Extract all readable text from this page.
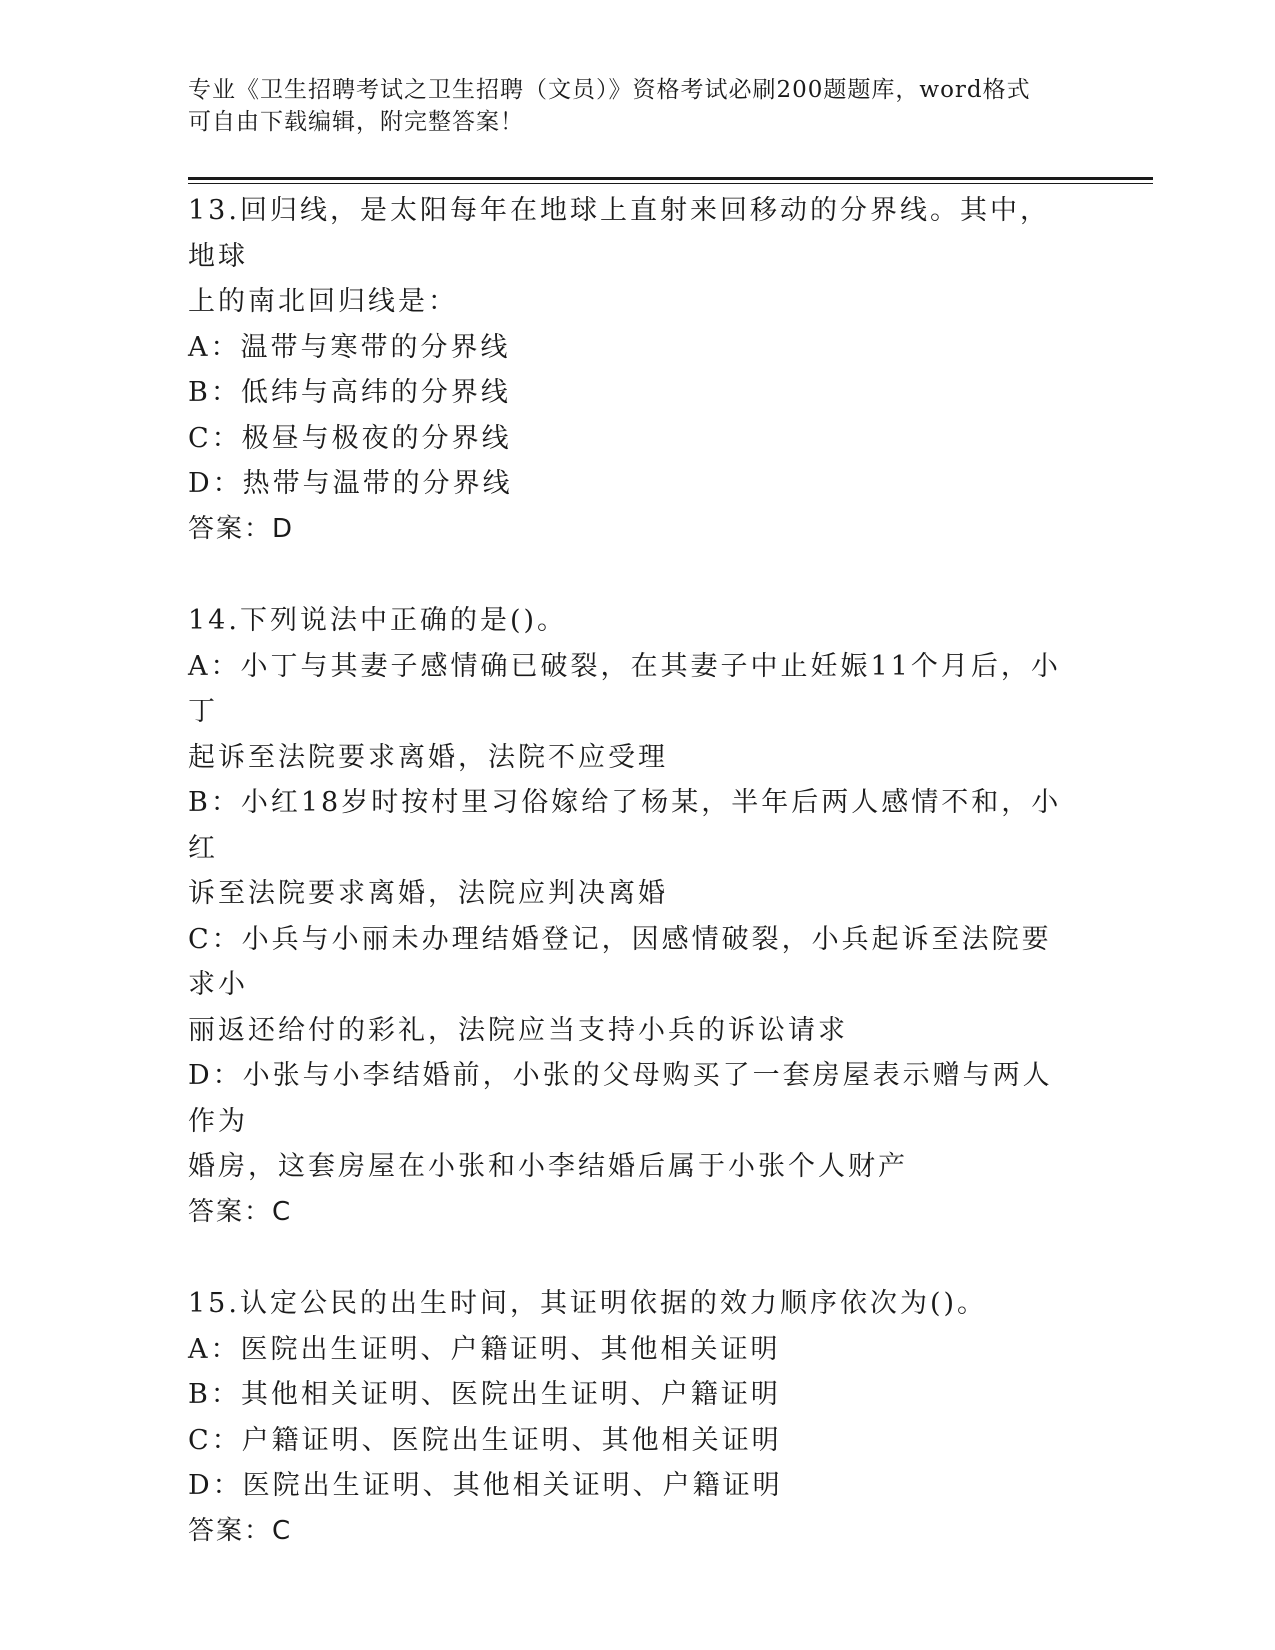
专业《卫生招聘考试之卫生招聘（文员）》资格考试必刷200题题库，word格式
可自由下载编辑，附完整答案！

13.回归线，是太阳每年在地球上直射来回移动的分界线。其中，地球

上的南北回归线是：

A：温带与寒带的分界线

B：低纬与高纬的分界线

C：极昼与极夜的分界线

D：热带与温带的分界线

答案：D

14.下列说法中正确的是()。

A：小丁与其妻子感情确已破裂，在其妻子中止妊娠11个月后，小丁

起诉至法院要求离婚，法院不应受理

B：小红18岁时按村里习俗嫁给了杨某，半年后两人感情不和，小红

诉至法院要求离婚，法院应判决离婚

C：小兵与小丽未办理结婚登记，因感情破裂，小兵起诉至法院要求小

丽返还给付的彩礼，法院应当支持小兵的诉讼请求

D：小张与小李结婚前，小张的父母购买了一套房屋表示赠与两人作为

婚房，这套房屋在小张和小李结婚后属于小张个人财产

答案：C

15.认定公民的出生时间，其证明依据的效力顺序依次为()。

A：医院出生证明、户籍证明、其他相关证明

B：其他相关证明、医院出生证明、户籍证明

C：户籍证明、医院出生证明、其他相关证明

D：医院出生证明、其他相关证明、户籍证明

答案：C
